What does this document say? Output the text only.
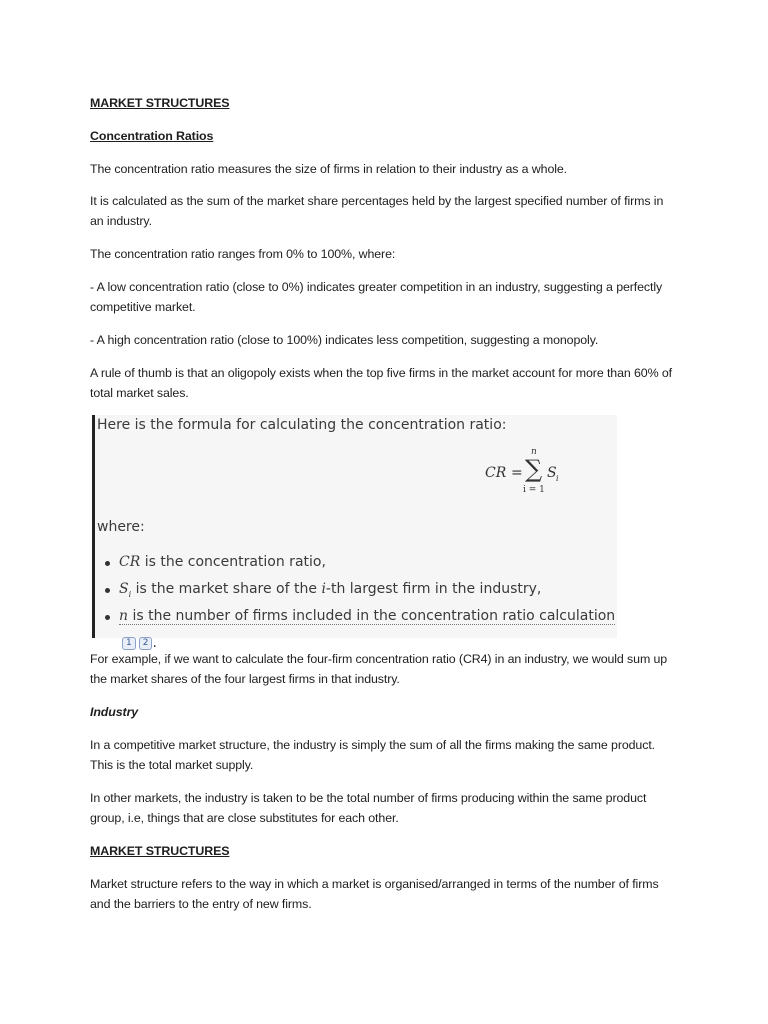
MARKET STRUCTURES

Concentration Ratios

The concentration ratio measures the size of firms in relation to their industry as a whole.

It is calculated as the sum of the market share percentages held by the largest specified number of firms in an industry.

The concentration ratio ranges from 0% to 100%, where:

- A low concentration ratio (close to 0%) indicates greater competition in an industry, suggesting a perfectly competitive market.

- A high concentration ratio (close to 100%) indicates less competition, suggesting a monopoly.

A rule of thumb is that an oligopoly exists when the top five firms in the market account for more than 60% of total market sales.

Here is the formula for calculating the concentration ratio:
CR =
n
∑
i = 1
S i
where:
CR is the concentration ratio,
$S_i$ is the market share of the i-th largest firm in the industry,
n is the number of firms included in the concentration ratio calculation1 2 .

For example, if we want to calculate the four-firm concentration ratio (CR4) in an industry, we would sum up the market shares of the four largest firms in that industry.

Industry

In a competitive market structure, the industry is simply the sum of all the firms making the same product. This is the total market supply.

In other markets, the industry is taken to be the total number of firms producing within the same product group, i.e, things that are close substitutes for each other.

MARKET STRUCTURES

Market structure refers to the way in which a market is organised/arranged in terms of the number of firms and the barriers to the entry of new firms.
